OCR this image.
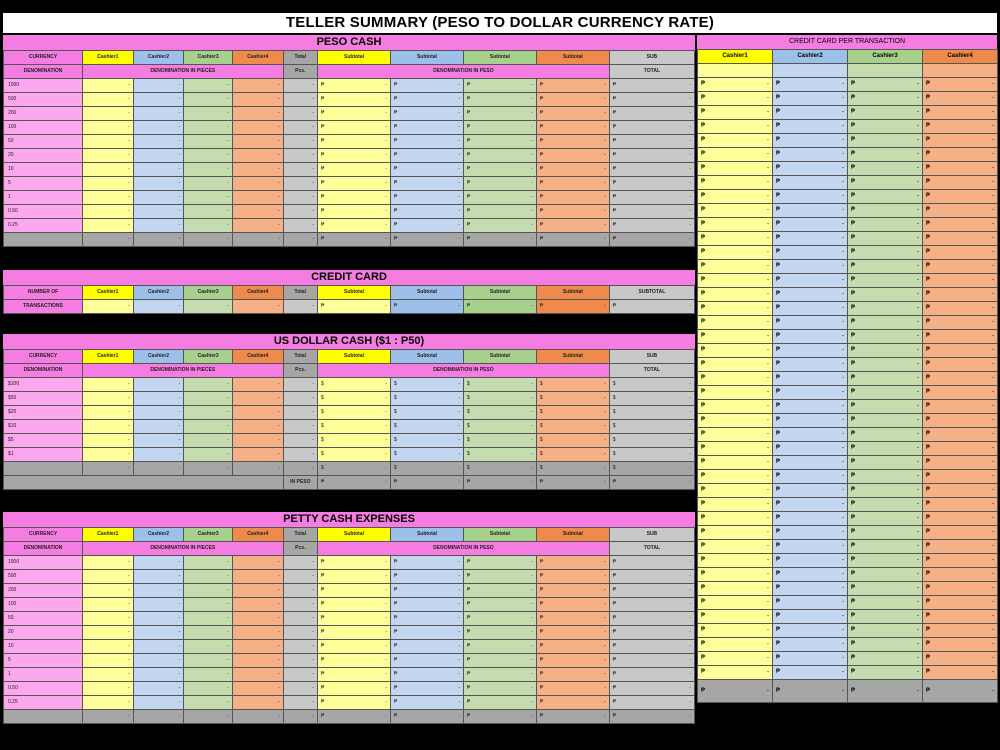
TELLER SUMMARY (PESO TO DOLLAR CURRENCY RATE)
PESO CASH
CURRENCY	Cashier1	Cashier2	Cashier3	Cashier4	Total	Subtotal	Subtotal	Subtotal	Subtotal	SUB
DENOMINATION	DENOMINATION IN PIECES				Pcs.	DENOMINATION IN PESO				TOTAL
1000	-	-	-	-	-	₱ -	₱ -	₱ -	₱ -	₱ -

500	-	-	-	-	-	₱ -	₱ -	₱ -	₱ -	₱ -

200	-	-	-	-	-	₱ -	₱ -	₱ -	₱ -	₱ -

100	-	-	-	-	-	₱ -	₱ -	₱ -	₱ -	₱ -

50	-	-	-	-	-	₱ -	₱ -	₱ -	₱ -	₱ -

20	-	-	-	-	-	₱ -	₱ -	₱ -	₱ -	₱ -

10	-	-	-	-	-	₱ -	₱ -	₱ -	₱ -	₱ -

5	-	-	-	-	-	₱ -	₱ -	₱ -	₱ -	₱ -

1	-	-	-	-	-	₱ -	₱ -	₱ -	₱ -	₱ -

0.50	-	-	-	-	-	₱ -	₱ -	₱ -	₱ -	₱ -

0.25	-	-	-	-	-	₱ -	₱ -	₱ -	₱ -	₱ -

	-	-	-	-	-	₱ -	₱ -	₱ -	₱ -	₱ -
CREDIT CARD
NUMBER OF	Cashier1	Cashier2	Cashier3	Cashier4	Total	Subtotal	Subtotal	Subtotal	Subtotal	SUBTOTAL
TRANSACTIONS	-	-	-	-	-	₱ -	₱ -	₱ -	₱ -	₱ -
US DOLLAR CASH ($1 : P50)
CURRENCY	Cashier1	Cashier2	Cashier3	Cashier4	Total	Subtotal	Subtotal	Subtotal	Subtotal	SUB
DENOMINATION	DENOMINATION IN PIECES				Pcs.	DENOMINATION IN PESO				TOTAL
$100	-	-	-	-	-	$ -	$ -	$ -	$ -	$ -

$50	-	-	-	-	-	$ -	$ -	$ -	$ -	$ -

$20	-	-	-	-	-	$ -	$ -	$ -	$ -	$ -

$10	-	-	-	-	-	$ -	$ -	$ -	$ -	$ -

$5	-	-	-	-	-	$ -	$ -	$ -	$ -	$ -

$1	-	-	-	-	-	$ -	$ -	$ -	$ -	$ -

	-	-	-	-	-	$ -	$ -	$ -	$ -	$ -

					IN PESO	₱ -	₱ -	₱ -	₱ -	₱ -
PETTY CASH EXPENSES
CURRENCY	Cashier1	Cashier2	Cashier3	Cashier4	Total	Subtotal	Subtotal	Subtotal	Subtotal	SUB
DENOMINATION	DENOMINATION IN PIECES				Pcs.	DENOMINATION IN PESO				TOTAL
1000	-	-	-	-	-	₱ -	₱ -	₱ -	₱ -	₱ -

500	-	-	-	-	-	₱ -	₱ -	₱ -	₱ -	₱ -

200	-	-	-	-	-	₱ -	₱ -	₱ -	₱ -	₱ -

100	-	-	-	-	-	₱ -	₱ -	₱ -	₱ -	₱ -

50	-	-	-	-	-	₱ -	₱ -	₱ -	₱ -	₱ -

20	-	-	-	-	-	₱ -	₱ -	₱ -	₱ -	₱ -

10	-	-	-	-	-	₱ -	₱ -	₱ -	₱ -	₱ -

5	-	-	-	-	-	₱ -	₱ -	₱ -	₱ -	₱ -

1	-	-	-	-	-	₱ -	₱ -	₱ -	₱ -	₱ -

0.50	-	-	-	-	-	₱ -	₱ -	₱ -	₱ -	₱ -

0.25	-	-	-	-	-	₱ -	₱ -	₱ -	₱ -	₱ -

	-	-	-	-	-	₱ -	₱ -	₱ -	₱ -	₱ -
CREDIT CARD PER TRANSACTION
Cashier1	Cashier2	Cashier3	Cashier4

₱ -	₱ -	₱ -	₱ -

₱ -	₱ -	₱ -	₱ -

₱ -	₱ -	₱ -	₱ -

₱ -	₱ -	₱ -	₱ -

₱ -	₱ -	₱ -	₱ -

₱ -	₱ -	₱ -	₱ -

₱ -	₱ -	₱ -	₱ -

₱ -	₱ -	₱ -	₱ -

₱ -	₱ -	₱ -	₱ -

₱ -	₱ -	₱ -	₱ -

₱ -	₱ -	₱ -	₱ -

₱ -	₱ -	₱ -	₱ -

₱ -	₱ -	₱ -	₱ -

₱ -	₱ -	₱ -	₱ -

₱ -	₱ -	₱ -	₱ -

₱ -	₱ -	₱ -	₱ -

₱ -	₱ -	₱ -	₱ -

₱ -	₱ -	₱ -	₱ -

₱ -	₱ -	₱ -	₱ -

₱ -	₱ -	₱ -	₱ -

₱ -	₱ -	₱ -	₱ -

₱ -	₱ -	₱ -	₱ -

₱ -	₱ -	₱ -	₱ -

₱ -	₱ -	₱ -	₱ -

₱ -	₱ -	₱ -	₱ -

₱ -	₱ -	₱ -	₱ -

₱ -	₱ -	₱ -	₱ -

₱ -	₱ -	₱ -	₱ -

₱ -	₱ -	₱ -	₱ -

₱ -	₱ -	₱ -	₱ -

₱ -	₱ -	₱ -	₱ -

₱ -	₱ -	₱ -	₱ -

₱ -	₱ -	₱ -	₱ -

₱ -	₱ -	₱ -	₱ -

₱ -	₱ -	₱ -	₱ -

₱ -	₱ -	₱ -	₱ -

₱ -	₱ -	₱ -	₱ -

₱ -	₱ -	₱ -	₱ -

₱ -	₱ -	₱ -	₱ -

₱ -	₱ -	₱ -	₱ -

₱ -	₱ -	₱ -	₱ -

₱ -	₱ -	₱ -	₱ -

₱ -	₱ -	₱ -	₱ -

₱ -	₱ -	₱ -	₱ -
